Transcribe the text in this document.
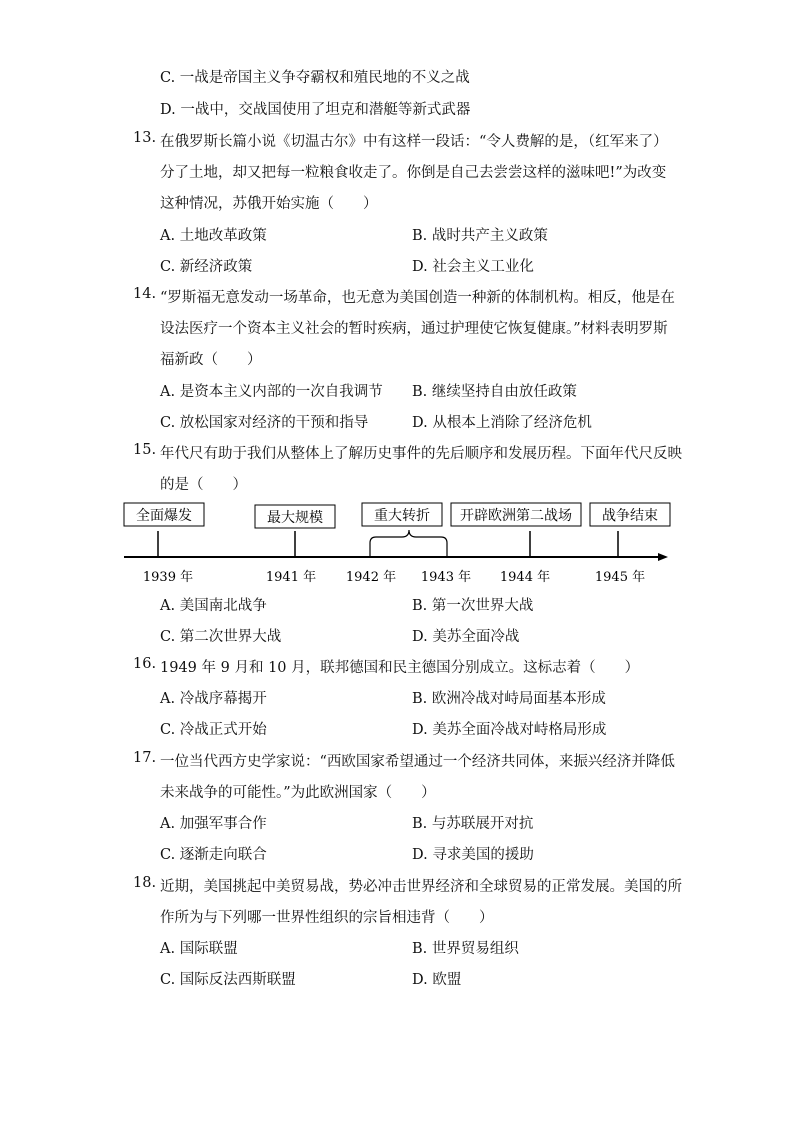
C. 一战是帝国主义争夺霸权和殖民地的不义之战
D. 一战中，交战国使用了坦克和潜艇等新式武器
13. 在俄罗斯长篇小说《切温古尔》中有这样一段话：“令人费解的是，（红军来了）
分了土地，却又把每一粒粮食收走了。你倒是自己去尝尝这样的滋味吧!”为改变
这种情况，苏俄开始实施（　　）
A. 土地改革政策	B. 战时共产主义政策
C. 新经济政策	D. 社会主义工业化
14. “罗斯福无意发动一场革命，也无意为美国创造一种新的体制机构。相反，他是在
设法医疗一个资本主义社会的暂时疾病，通过护理使它恢复健康。”材料表明罗斯
福新政（　　）
A. 是资本主义内部的一次自我调节 B. 继续坚持自由放任政策
C. 放松国家对经济的干预和指导	D. 从根本上消除了经济危机
15. 年代尺有助于我们从整体上了解历史事件的先后顺序和发展历程。下面年代尺反映
的是（　　）
全面爆发	最大规模	重大转折 开辟欧洲第二战场 战争结束
1939 年	1941 年 1942 年 1943 年 1944 年	1945 年
A. 美国南北战争	B. 第一次世界大战
C. 第二次世界大战	D. 美苏全面冷战
16. 1949 年 9 月和 10 月，联邦德国和民主德国分别成立。这标志着（　　）
A. 冷战序幕揭开	B. 欧洲冷战对峙局面基本形成
C. 冷战正式开始	D. 美苏全面冷战对峙格局形成
17. 一位当代西方史学家说：“西欧国家希望通过一个经济共同体，来振兴经济并降低
未来战争的可能性。”为此欧洲国家（　　）
A. 加强军事合作	B. 与苏联展开对抗
C. 逐渐走向联合	D. 寻求美国的援助
18. 近期，美国挑起中美贸易战，势必冲击世界经济和全球贸易的正常发展。美国的所
作所为与下列哪一世界性组织的宗旨相违背（　　）
A. 国际联盟	B. 世界贸易组织
C. 国际反法西斯联盟	D. 欧盟
